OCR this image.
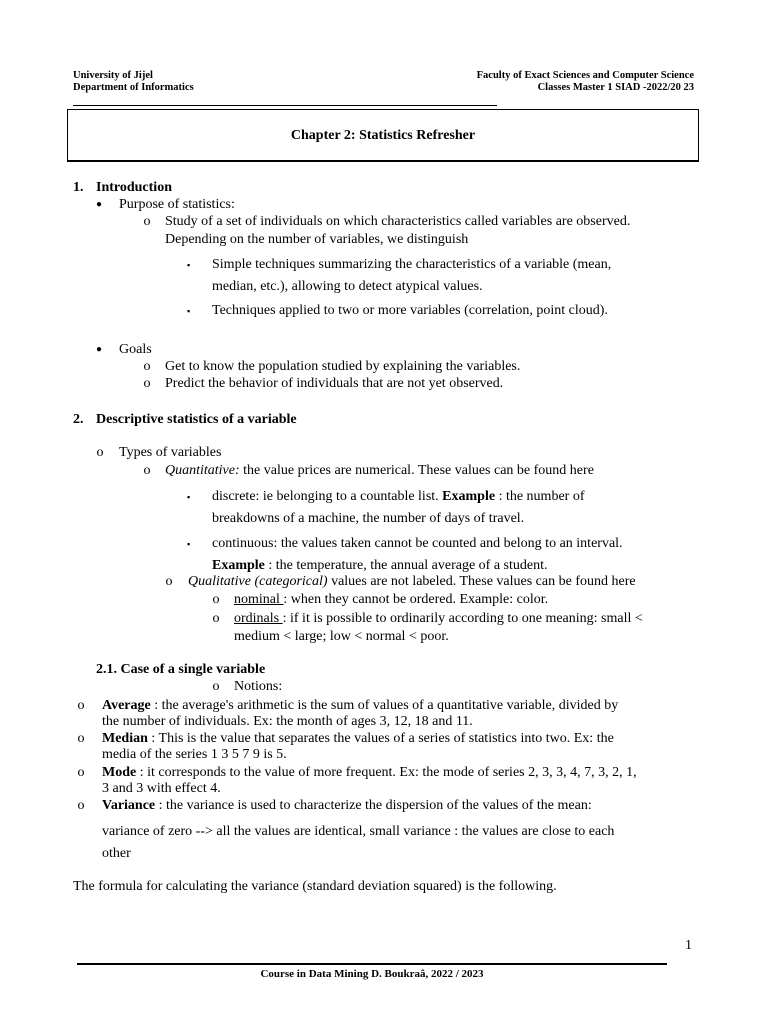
University of Jijel
Department of Informatics
Faculty of Exact Sciences and Computer Science
Classes Master 1 SIAD -2022/20 23
Chapter 2: Statistics Refresher
1. Introduction
● Purpose of statistics:
o Study of a set of individuals on which characteristics called variables are observed.
Depending on the number of variables, we distinguish
▪ Simple techniques summarizing the characteristics of a variable (mean,
median, etc.), allowing to detect atypical values.
▪ Techniques applied to two or more variables (correlation, point cloud).
● Goals
o Get to know the population studied by explaining the variables.
o Predict the behavior of individuals that are not yet observed.
2. Descriptive statistics of a variable
o Types of variables
o Quantitative: the value prices are numerical. These values can be found here
▪ discrete: ie belonging to a countable list. Example : the number of
breakdowns of a machine, the number of days of travel.
▪ continuous: the values taken cannot be counted and belong to an interval.
Example : the temperature, the annual average of a student.
o Qualitative (categorical) values are not labeled. These values can be found here
o nominal : when they cannot be ordered. Example: color.
o ordinals : if it is possible to ordinarily according to one meaning: small <
medium < large; low < normal < poor.
2.1. Case of a single variable
o Notions:
o Average : the average's arithmetic is the sum of values of a quantitative variable, divided by
the number of individuals. Ex: the month of ages 3, 12, 18 and 11.
o Median : This is the value that separates the values of a series of statistics into two. Ex: the
media of the series 1 3 5 7 9 is 5.
o Mode : it corresponds to the value of more frequent. Ex: the mode of series 2, 3, 3, 4, 7, 3, 2, 1,
3 and 3 with effect 4.
o Variance : the variance is used to characterize the dispersion of the values of the mean:
variance of zero --> all the values are identical, small variance : the values are close to each
other
The formula for calculating the variance (standard deviation squared) is the following.
1
Course in Data Mining D. Boukraâ, 2022 / 2023
